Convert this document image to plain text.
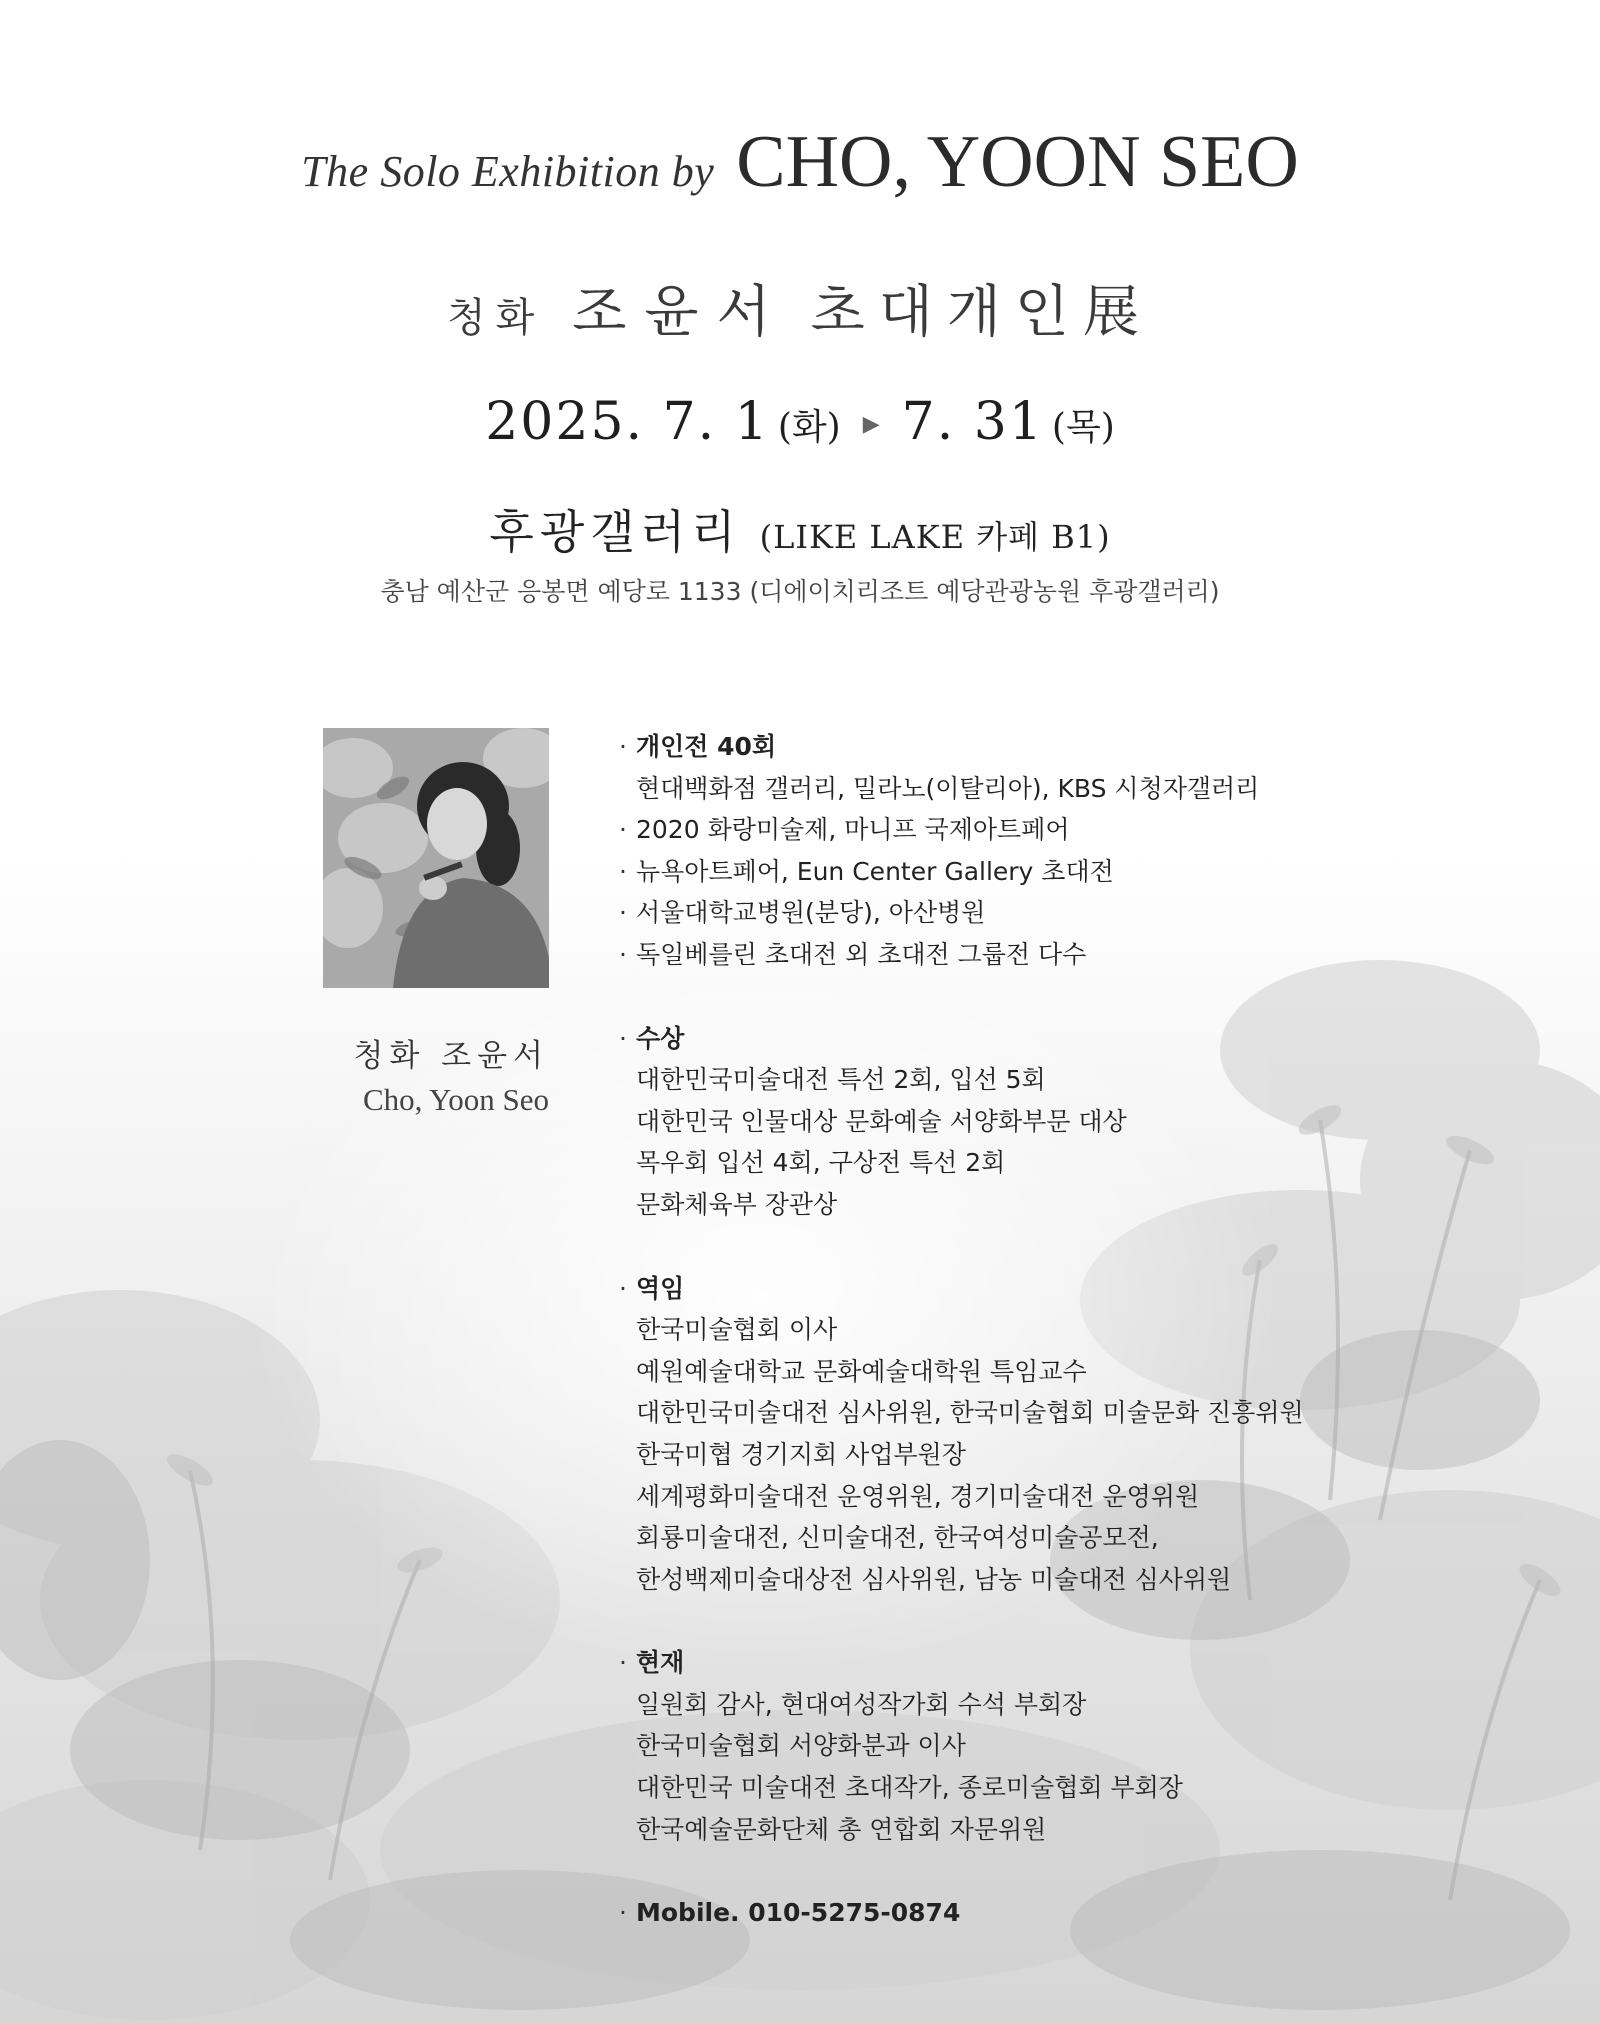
The Solo Exhibition by CHO, YOON SEO
청화 조윤서 초대개인展
2025. 7. 1 (화) ▶ 7. 31 (목)
후광갤러리 (LIKE LAKE 카페 B1)
충남 예산군 응봉면 예당로 1133 (디에이치리조트 예당관광농원 후광갤러리)
청화 조윤서
Cho, Yoon Seo
· 개인전 40회
현대백화점 갤러리, 밀라노(이탈리아), KBS 시청자갤러리
· 2020 화랑미술제, 마니프 국제아트페어
· 뉴욕아트페어, Eun Center Gallery 초대전
· 서울대학교병원(분당), 아산병원
· 독일베를린 초대전 외 초대전 그룹전 다수
· 수상
대한민국미술대전 특선 2회, 입선 5회
대한민국 인물대상 문화예술 서양화부문 대상
목우회 입선 4회, 구상전 특선 2회
문화체육부 장관상
· 역임
한국미술협회 이사
예원예술대학교 문화예술대학원 특임교수
대한민국미술대전 심사위원, 한국미술협회 미술문화 진흥위원
한국미협 경기지회 사업부원장
세계평화미술대전 운영위원, 경기미술대전 운영위원
회룡미술대전, 신미술대전, 한국여성미술공모전,
한성백제미술대상전 심사위원, 남농 미술대전 심사위원
· 현재
일원회 감사, 현대여성작가회 수석 부회장
한국미술협회 서양화분과 이사
대한민국 미술대전 초대작가, 종로미술협회 부회장
한국예술문화단체 총 연합회 자문위원
· Mobile. 010-5275-0874
